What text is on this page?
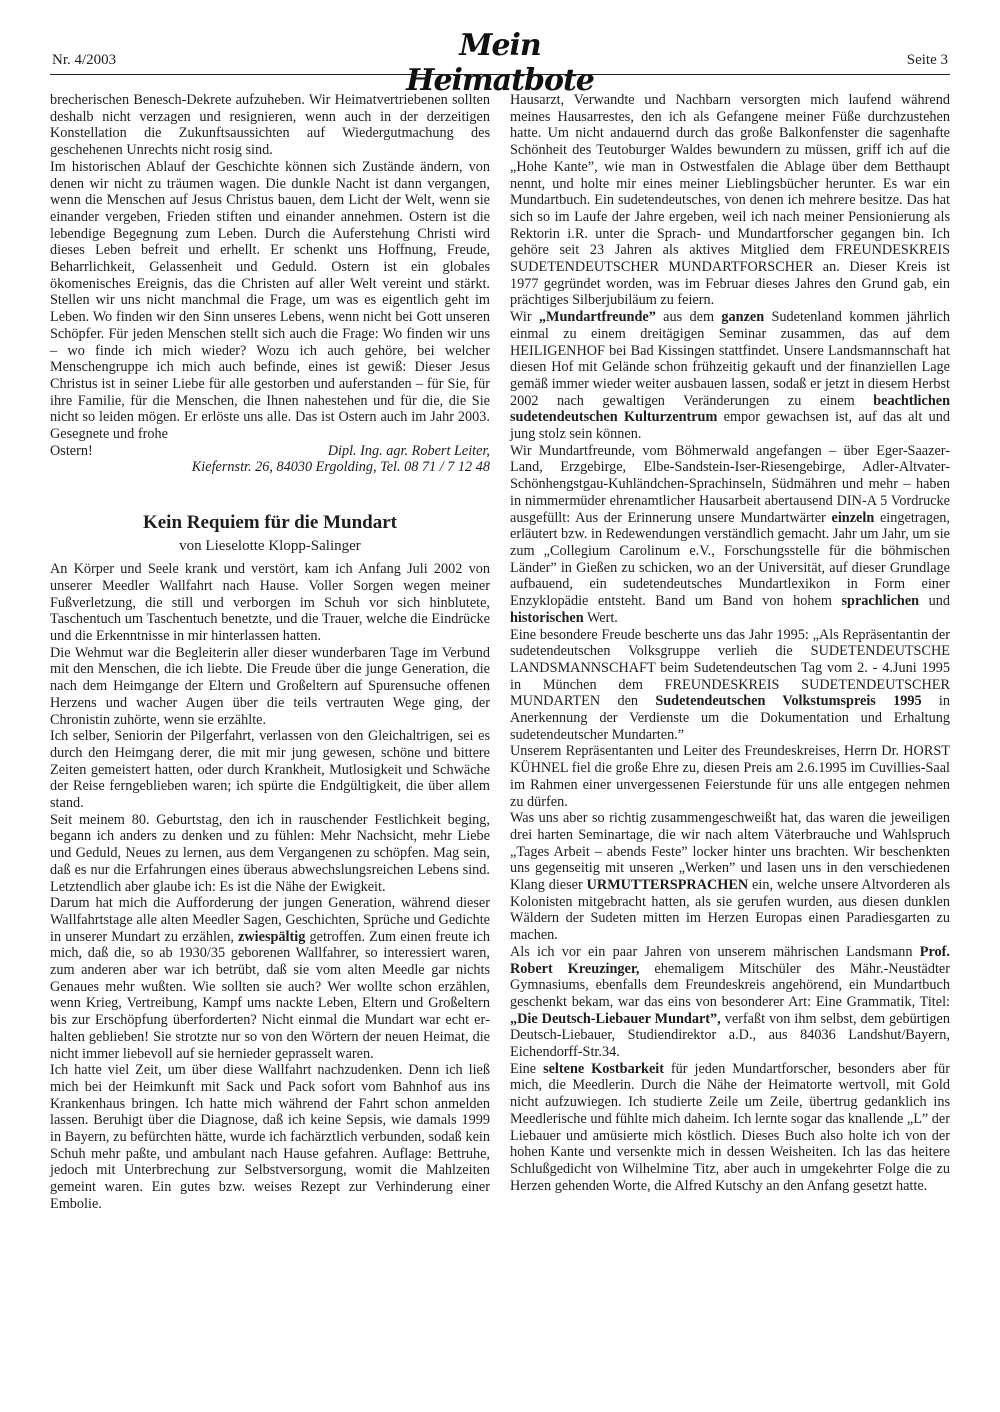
Nr. 4/2003	Mein Heimatbote
Seite 3

brecherischen Benesch-Dekrete aufzuheben. Wir Heimatvertriebenen sollten deshalb nicht verzagen und resignieren, wenn auch in der derzeitigen Konstellation die Zukunftsaussichten auf Wiedergutmachung des geschehenen Unrechts nicht rosig sind.

Im historischen Ablauf der Geschichte können sich Zustände ändern, von denen wir nicht zu träumen wagen. Die dunkle Nacht ist dann vergangen, wenn die Menschen auf Jesus Christus bauen, dem Licht der Welt, wenn sie einander vergeben, Frieden stiften und einander annehmen. Ostern ist die lebendige Begegnung zum Leben. Durch die Auferstehung Christi wird dieses Leben befreit und erhellt. Er schenkt uns Hoffnung, Freude, Beharrlichkeit, Gelassenheit und Geduld. Ostern ist ein globales ökomenisches Ereignis, das die Christen auf aller Welt vereint und stärkt. Stellen wir uns nicht manchmal die Frage, um was es eigentlich geht im Leben. Wo finden wir den Sinn unseres Lebens, wenn nicht bei Gott unseren Schöpfer. Für jeden Menschen stellt sich auch die Frage: Wo finden wir uns – wo finde ich mich wieder? Wozu ich auch gehöre, bei welcher Menschengruppe ich mich auch befinde, eines ist gewiß: Dieser Jesus Christus ist in seiner Liebe für alle gestorben und auferstanden – für Sie, für ihre Familie, für die Menschen, die Ihnen nahestehen und für die, die Sie nicht so leiden mögen. Er erlöste uns alle. Das ist Ostern auch im Jahr 2003. Gesegnete und frohe

Ostern!	Dipl. Ing. agr. Robert Leiter,

Kiefernstr. 26, 84030 Ergolding, Tel. 08 71 / 7 12 48

Kein Requiem für die Mundart
von Lieselotte Klopp-Salinger

An Körper und Seele krank und verstört, kam ich Anfang Juli 2002 von unserer Meedler Wallfahrt nach Hause. Voller Sorgen wegen meiner Fußverletzung, die still und verborgen im Schuh vor sich hinblutete, Taschentuch um Taschentuch benetzte, und die Trauer, welche die Eindrücke und die Erkenntnisse in mir hinterlassen hatten.

Die Wehmut war die Begleiterin aller dieser wunderbaren Tage im Verbund mit den Menschen, die ich liebte. Die Freude über die junge Generation, die nach dem Heimgange der Eltern und Großeltern auf Spurensuche offenen Herzens und wacher Augen über die teils vertrauten Wege ging, der Chronistin zuhörte, wenn sie erzählte.

Ich selber, Seniorin der Pilgerfahrt, verlassen von den Gleichaltrigen, sei es durch den Heimgang derer, die mit mir jung gewesen, schöne und bittere Zeiten gemeistert hatten, oder durch Krankheit, Mutlosigkeit und Schwäche der Reise ferngeblieben waren; ich spürte die Endgültigkeit, die über allem stand.

Seit meinem 80. Geburtstag, den ich in rauschender Festlichkeit beging, begann ich anders zu denken und zu fühlen: Mehr Nachsicht, mehr Liebe und Geduld, Neues zu lernen, aus dem Vergangenen zu schöpfen. Mag sein, daß es nur die Erfahrungen eines überaus abwechslungsreichen Lebens sind. Letztendlich aber glaube ich: Es ist die Nähe der Ewigkeit.

Darum hat mich die Aufforderung der jungen Generation, während dieser Wallfahrtstage alle alten Meedler Sagen, Geschichten, Sprüche und Gedichte in unserer Mundart zu erzählen, zwiespältig getroffen. Zum einen freute ich mich, daß die, so ab 1930/35 geborenen Wallfahrer, so interessiert waren, zum anderen aber war ich betrübt, daß sie vom alten Meedle gar nichts Genaues mehr wußten. Wie sollten sie auch? Wer wollte schon erzählen, wenn Krieg, Vertreibung, Kampf ums nackte Leben, Eltern und Großeltern bis zur Erschöpfung überforderten? Nicht einmal die Mundart war echt erhalten geblieben! Sie strotzte nur so von den Wörtern der neuen Heimat, die nicht immer liebevoll auf sie hernieder geprasselt waren.

Ich hatte viel Zeit, um über diese Wallfahrt nachzudenken. Denn ich ließ mich bei der Heimkunft mit Sack und Pack sofort vom Bahnhof aus ins Krankenhaus bringen. Ich hatte mich während der Fahrt schon anmelden lassen. Beruhigt über die Diagnose, daß ich keine Sepsis, wie damals 1999 in Bayern, zu befürchten hätte, wurde ich fachärztlich verbunden, sodaß kein Schuh mehr paßte, und ambulant nach Hause gefahren. Auflage: Bettruhe, jedoch mit Unterbrechung zur Selbstversorgung, womit die Mahlzeiten gemeint waren. Ein gutes bzw. weises Rezept zur Verhinderung einer Embolie.

Hausarzt, Verwandte und Nachbarn versorgten mich laufend während meines Hausarrestes, den ich als Gefangene meiner Füße durchzustehen hatte. Um nicht andauernd durch das große Balkonfenster die sagenhafte Schönheit des Teutoburger Waldes bewundern zu müssen, griff ich auf die „Hohe Kante”, wie man in Ostwestfalen die Ablage über dem Betthaupt nennt, und holte mir eines meiner Lieblingsbücher herunter. Es war ein Mundartbuch. Ein sudetendeutsches, von denen ich mehrere besitze. Das hat sich so im Laufe der Jahre ergeben, weil ich nach meiner Pensionierung als Rektorin i.R. unter die Sprach- und Mundartforscher gegangen bin. Ich gehöre seit 23 Jahren als aktives Mitglied dem FREUNDESKREIS SUDETENDEUTSCHER MUNDARTFORSCHER an. Dieser Kreis ist 1977 gegründet worden, was im Februar dieses Jahres den Grund gab, ein prächtiges Silberjubiläum zu feiern.

Wir „Mundartfreunde” aus dem ganzen Sudetenland kommen jährlich einmal zu einem dreitägigen Seminar zusammen, das auf dem HEILIGENHOF bei Bad Kissingen stattfindet. Unsere Landsmannschaft hat diesen Hof mit Gelände schon frühzeitig gekauft und der finanziellen Lage gemäß immer wieder weiter ausbauen lassen, sodaß er jetzt in diesem Herbst 2002 nach gewaltigen Veränderungen zu einem beachtlichen sudetendeutschen Kulturzentrum empor gewachsen ist, auf das alt und jung stolz sein können.

Wir Mundartfreunde, vom Böhmerwald angefangen – über Eger-Saazer-Land, Erzgebirge, Elbe-Sandstein-Iser-Riesengebirge, Adler-Altvater-Schönhengstgau-Kuhländchen-Sprachinseln, Südmähren und mehr – haben in nimmermüder ehrenamtlicher Hausarbeit abertausend DIN-A 5 Vordrucke ausgefüllt: Aus der Erinnerung unsere Mundartwärter einzeln eingetragen, erläutert bzw. in Redewendungen verständlich gemacht. Jahr um Jahr, um sie zum „Collegium Carolinum e.V., Forschungsstelle für die böhmischen Länder” in Gießen zu schicken, wo an der Universität, auf dieser Grundlage aufbauend, ein sudetendeutsches Mundartlexikon in Form einer Enzyklopädie entsteht. Band um Band von hohem sprachlichen und historischen Wert.

Eine besondere Freude bescherte uns das Jahr 1995: „Als Repräsentantin der sudetendeutschen Volksgruppe verlieh die SUDETENDEUTSCHE LANDSMANNSCHAFT beim Sudetendeutschen Tag vom 2. - 4.Juni 1995 in München dem FREUNDESKREIS SUDETENDEUTSCHER MUNDARTEN den Sudetendeutschen Volkstumspreis 1995 in Anerkennung der Verdienste um die Dokumentation und Erhaltung sudetendeutscher Mundarten.”

Unserem Repräsentanten und Leiter des Freundeskreises, Herrn Dr. HORST KÜHNEL fiel die große Ehre zu, diesen Preis am 2.6.1995 im Cuvillies-Saal im Rahmen einer unvergessenen Feierstunde für uns alle entgegen nehmen zu dürfen.

Was uns aber so richtig zusammengeschweißt hat, das waren die jeweiligen drei harten Seminartage, die wir nach altem Väterbrauche und Wahlspruch „Tages Arbeit – abends Feste” locker hinter uns brachten. Wir beschenkten uns gegenseitig mit unseren „Werken” und lasen uns in den verschiedenen Klang dieser URMUTTERSPRACHEN ein, welche unsere Altvorderen als Kolonisten mitgebracht hatten, als sie gerufen wurden, aus diesen dunklen Wäldern der Sudeten mitten im Herzen Europas einen Paradiesgarten zu machen.

Als ich vor ein paar Jahren von unserem mährischen Landsmann Prof. Robert Kreuzinger, ehemaligem Mitschüler des Mähr.-Neustädter Gymnasiums, ebenfalls dem Freundeskreis angehörend, ein Mundartbuch geschenkt bekam, war das eins von besonderer Art: Eine Grammatik, Titel: „Die Deutsch-Liebauer Mundart”, verfaßt von ihm selbst, dem gebürtigen Deutsch-Liebauer, Studiendirektor a.D., aus 84036 Landshut/Bayern, Eichendorff-Str.34.

Eine seltene Kostbarkeit für jeden Mundartforscher, besonders aber für mich, die Meedlerin. Durch die Nähe der Heimatorte wertvoll, mit Gold nicht aufzuwiegen. Ich studierte Zeile um Zeile, übertrug gedanklich ins Meedlerische und fühlte mich daheim. Ich lernte sogar das knallende „L” der Liebauer und amüsierte mich köstlich. Dieses Buch also holte ich von der hohen Kante und versenkte mich in dessen Weisheiten. Ich las das heitere Schlußgedicht von Wilhelmine Titz, aber auch in umgekehrter Folge die zu Herzen gehenden Worte, die Alfred Kutschy an den Anfang gesetzt hatte.
